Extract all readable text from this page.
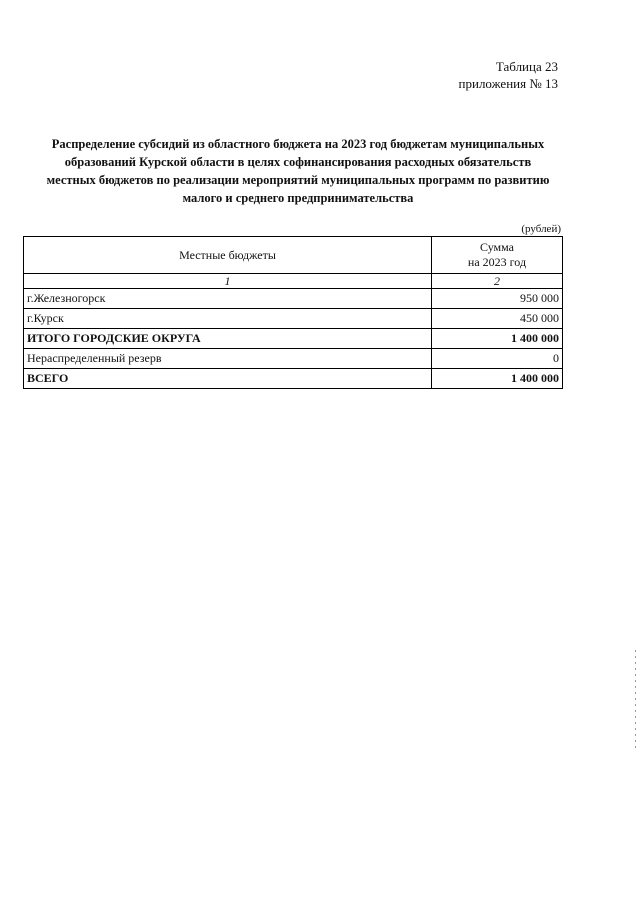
Таблица 23
приложения № 13
Распределение субсидий из областного бюджета на 2023 год бюджетам муниципальных
образований Курской области в целях софинансирования расходных обязательств
местных бюджетов по реализации мероприятий муниципальных программ по развитию
малого и среднего предпринимательства
(рублей)
Местные бюджеты	Сумма
на 2023 год

1	2
г.Железногорск	950 000
г.Курск	450 000
ИТОГО ГОРОДСКИЕ ОКРУГА	1 400 000
Нераспределенный резерв	0
ВСЕГО	1 400 000
